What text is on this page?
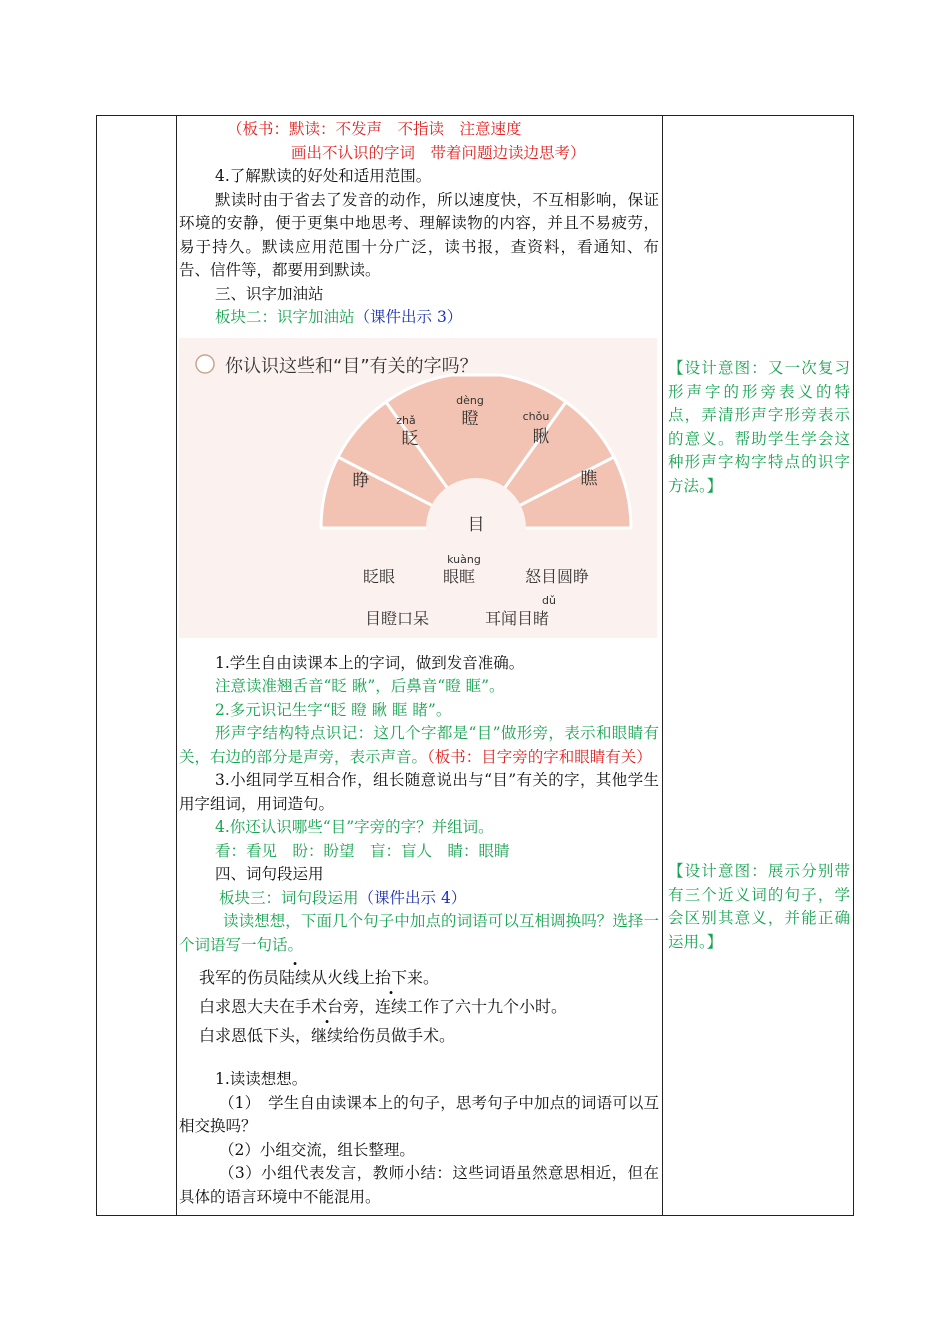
（板书：默读：不发声　不指读　注意速度

画出不认识的字词　带着问题边读边思考）

4.了解默读的好处和适用范围。

默读时由于省去了发音的动作，所以速度快，不互相影响，保证环境的安静，便于更集中地思考、理解读物的内容，并且不易疲劳，易于持久。默读应用范围十分广泛，读书报，查资料，看通知、布告、信件等，都要用到默读。

三、识字加油站

板块二：识字加油站（课件出示 3）

你认识这些和“目”有关的字吗？
睁
zhǎ
眨
dèng
瞪	chǒu
瞅
瞧
目
眨眼
kuàng
眼眶	怒目圆睁
目瞪口呆
dǔ
耳闻目睹

1.学生自由读课本上的字词，做到发音准确。

注意读准翘舌音“眨 瞅”，后鼻音“瞪 眶”。

2.多元识记生字“眨 瞪 瞅 眶 睹”。

形声字结构特点识记：这几个字都是“目”做形旁，表示和眼睛有关，右边的部分是声旁，表示声音。（板书：目字旁的字和眼睛有关）

3.小组同学互相合作，组长随意说出与“目”有关的字，其他学生用字组词，用词造句。

4.你还认识哪些“目”字旁的字？并组词。

看：看见　盼：盼望　盲：盲人　睛：眼睛

四、词句段运用

板块三：词句段运用（课件出示 4）

读读想想，下面几个句子中加点的词语可以互相调换吗？选择一个词语写一句话。

我军的伤员陆续从火线上抬下来。

白求恩大夫在手术台旁，连续工作了六十九个小时。

白求恩低下头，继续给伤员做手术。

1.读读想想。

（1）　学生自由读课本上的句子，思考句子中加点的词语可以互相交换吗？

（2）小组交流，组长整理。

（3）小组代表发言，教师小结：这些词语虽然意思相近，但在具体的语言环境中不能混用。

【设计意图：又一次复习形声字的形旁表义的特点，弄清形声字形旁表示的意义。帮助学生学会这种形声字构字特点的识字方法。】
【设计意图：展示分别带有三个近义词的句子，学会区别其意义，并能正确运用。】
